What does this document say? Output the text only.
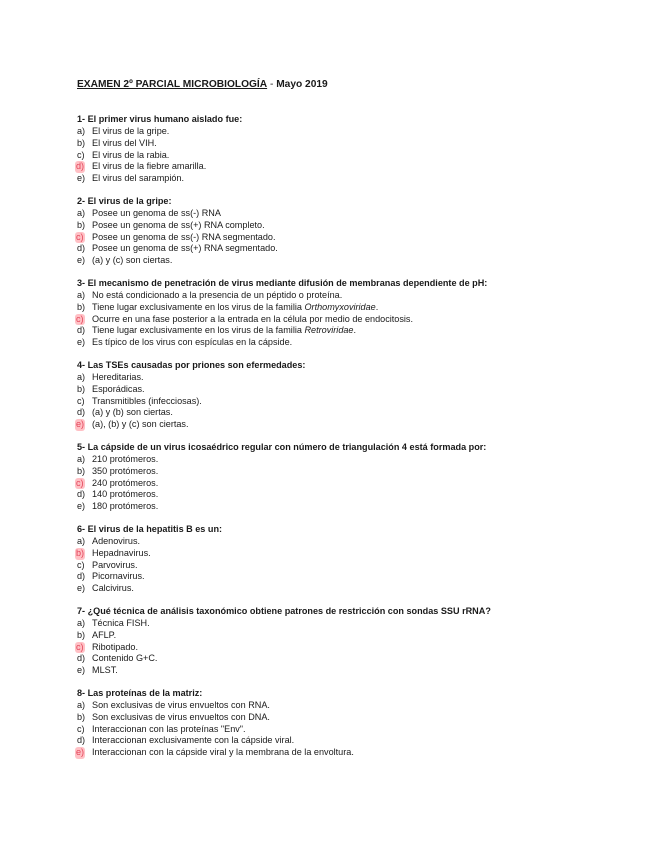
EXAMEN 2º PARCIAL MICROBIOLOGÍA - Mayo 2019
1- El primer virus humano aislado fue:
a) El virus de la gripe.
b) El virus del VIH.
c) El virus de la rabia.
d) El virus de la fiebre amarilla.
e) El virus del sarampión.
2- El virus de la gripe:
a) Posee un genoma de ss(-) RNA
b) Posee un genoma de ss(+) RNA completo.
c) Posee un genoma de ss(-) RNA segmentado.
d) Posee un genoma de ss(+) RNA segmentado.
e) (a) y (c) son ciertas.
3- El mecanismo de penetración de virus mediante difusión de membranas dependiente de pH:
a) No está condicionado a la presencia de un péptido o proteína.
b) Tiene lugar exclusivamente en los virus de la familia Orthomyxoviridae.
c) Ocurre en una fase posterior a la entrada en la célula por medio de endocitosis.
d) Tiene lugar exclusivamente en los virus de la familia Retroviridae.
e) Es típico de los virus con espículas en la cápside.
4- Las TSEs causadas por priones son efermedades:
a) Hereditarias.
b) Esporádicas.
c) Transmitibles (infecciosas).
d) (a) y (b) son ciertas.
e) (a), (b) y (c) son ciertas.
5- La cápside de un virus icosaédrico regular con número de triangulación 4 está formada por:
a) 210 protómeros.
b) 350 protómeros.
c) 240 protómeros.
d) 140 protómeros.
e) 180 protómeros.
6- El virus de la hepatitis B es un:
a) Adenovirus.
b) Hepadnavirus.
c) Parvovirus.
d) Picornavirus.
e) Calcivirus.
7- ¿Qué técnica de análisis taxonómico obtiene patrones de restricción con sondas SSU rRNA?
a) Técnica FISH.
b) AFLP.
c) Ribotipado.
d) Contenido G+C.
e) MLST.
8- Las proteínas de la matriz:
a) Son exclusivas de virus envueltos con RNA.
b) Son exclusivas de virus envueltos con DNA.
c) Interaccionan con las proteínas "Env".
d) Interaccionan exclusivamente con la cápside viral.
e) Interaccionan con la cápside viral y la membrana de la envoltura.
